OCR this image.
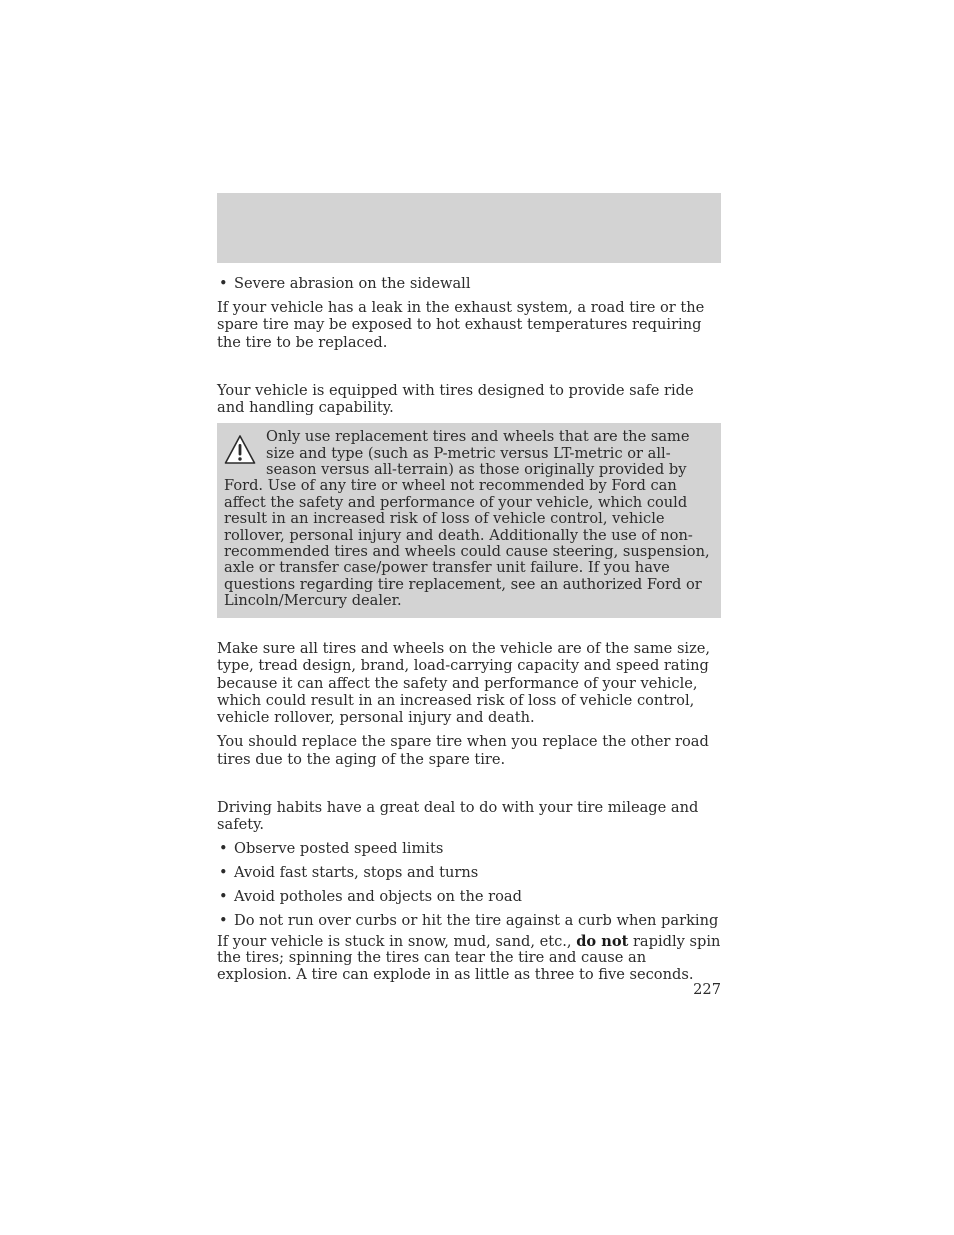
• Severe abrasion on the sidewall

If your vehicle has a leak in the exhaust system, a road tire or the spare tire may be exposed to hot exhaust temperatures requiring the tire to be replaced.

Your vehicle is equipped with tires designed to provide safe ride and handling capability.

Only use replacement tires and wheels that are the same size and type (such as P-metric versus LT-metric or all-season versus all-terrain) as those originally provided by Ford. Use of any tire or wheel not recommended by Ford can affect the safety and performance of your vehicle, which could result in an increased risk of loss of vehicle control, vehicle rollover, personal injury and death. Additionally the use of non-recommended tires and wheels could cause steering, suspension, axle or transfer case/power transfer unit failure. If you have questions regarding tire replacement, see an authorized Ford or Lincoln/Mercury dealer.

Make sure all tires and wheels on the vehicle are of the same size, type, tread design, brand, load-carrying capacity and speed rating because it can affect the safety and performance of your vehicle, which could result in an increased risk of loss of vehicle control, vehicle rollover, personal injury and death.

You should replace the spare tire when you replace the other road tires due to the aging of the spare tire.

Driving habits have a great deal to do with your tire mileage and safety.

• Observe posted speed limits
• Avoid fast starts, stops and turns
• Avoid potholes and objects on the road
• Do not run over curbs or hit the tire against a curb when parking

If your vehicle is stuck in snow, mud, sand, etc., do not rapidly spin the tires; spinning the tires can tear the tire and cause an explosion. A tire can explode in as little as three to five seconds.

227
